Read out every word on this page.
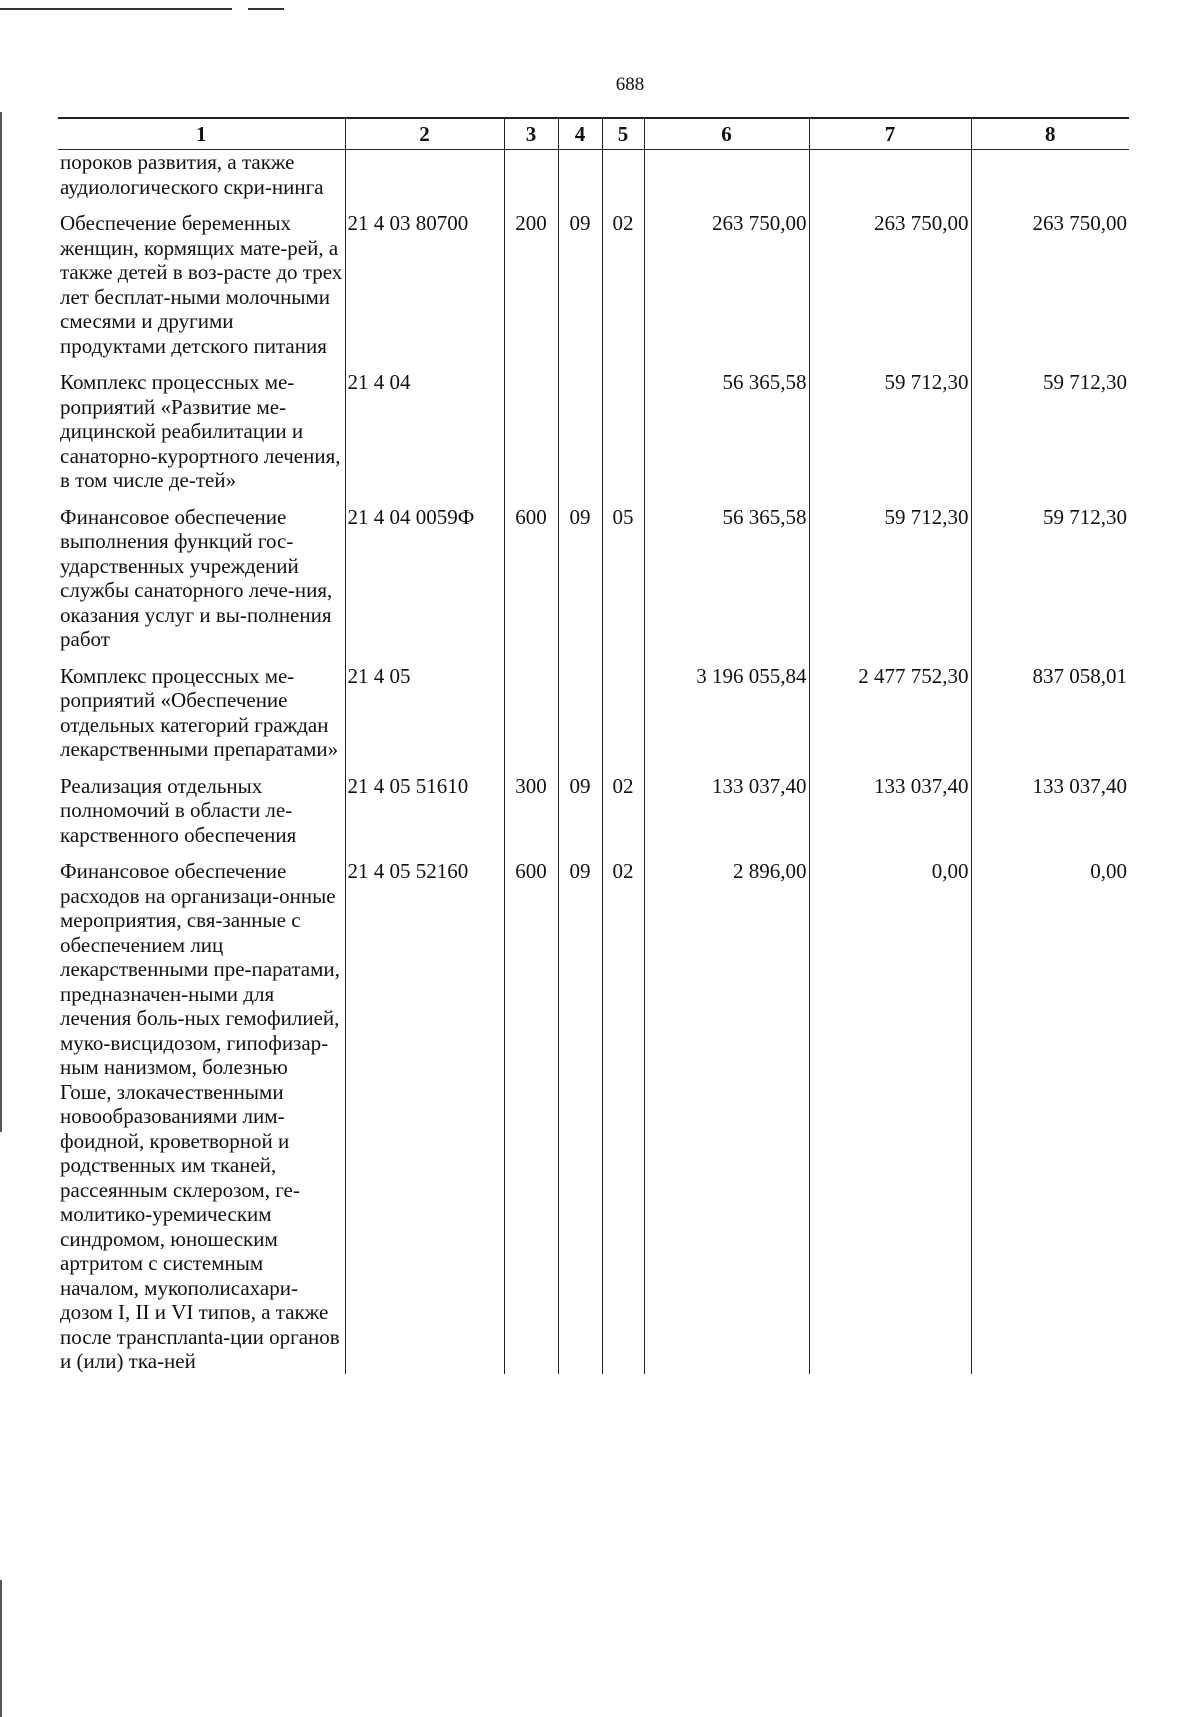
688
1	2	3	4	5	6	7	8
пороков развития, а также аудиологического скри-нинга							
Обеспечение беременных женщин, кормящих мате-рей, а также детей в воз-расте до трех лет бесплат-ными молочными смесями и другими продуктами детского питания	21 4 03 80700	200	09	02	263 750,00	263 750,00	263 750,00
Комплекс процессных ме-роприятий «Развитие ме-дицинской реабилитации и санаторно-курортного лечения, в том числе де-тей»	21 4 04				56 365,58	59 712,30	59 712,30
Финансовое обеспечение выполнения функций гос-ударственных учреждений службы санаторного лече-ния, оказания услуг и вы-полнения работ	21 4 04 0059Ф	600	09	05	56 365,58	59 712,30	59 712,30
Комплекс процессных ме-роприятий «Обеспечение отдельных категорий граждан лекарственными препаратами»	21 4 05				3 196 055,84	2 477 752,30	837 058,01
Реализация отдельных полномочий в области ле-карственного обеспечения	21 4 05 51610	300	09	02	133 037,40	133 037,40	133 037,40
Финансовое обеспечение расходов на организаци-онные мероприятия, свя-занные с обеспечением лиц лекарственными пре-паратами, предназначен-ными для лечения боль-ных гемофилией, муко-висцидозом, гипофизар-ным нанизмом, болезнью Гоше, злокачественными новообразованиями лим-фоидной, кроветворной и родственных им тканей, рассеянным склерозом, ге-молитико-уремическим синдромом, юношеским артритом с системным началом, мукополисахари-дозом I, II и VI типов, а также после трансплanta-ции органов и (или) тка-ней	21 4 05 52160	600	09	02	2 896,00	0,00	0,00
